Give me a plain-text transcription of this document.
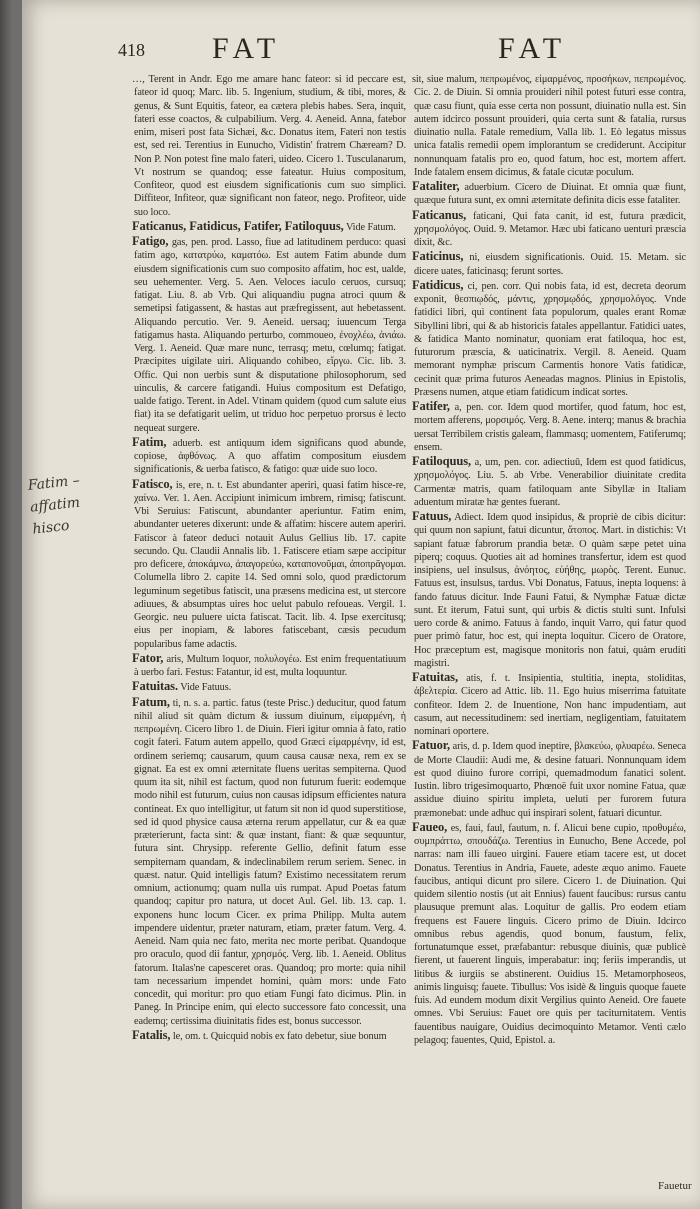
418 FAT	FAT
Fatim –
affatim
hisco

…, Terent in Andr. Ego me amare hanc fateor: si id peccare est, fateor id quoq; Marc. lib. 5. Ingenium, studium, & tibi, mores, & genus, & Sunt Equitis, fateor, ea cætera plebis habes. Sera, inquit, fateri esse coactos, & culpabilium. Verg. 4. Aeneid. Anna, fatebor enim, miseri post fata Sichæi, &c. Donatus item, Fateri non testis est, sed rei. Terentius in Eunucho, Vidistin' fratrem Chæream? D. Non P. Non potest fine malo fateri, uideo. Cicero 1. Tusculanarum, Vt nostrum se quandoq; esse fateatur. Huius compositum, Confiteor, quod est eiusdem significationis cum suo simplici. Diffiteor, Infiteor, quæ significant non fateor, nego. Profiteor, uide suo loco.

Faticanus, Fatidicus, Fatifer, Fatiloquus, Vide Fatum.

Fatigo, gas, pen. prod. Lasso, fiue ad latitudinem perduco: quasi fatim ago, κατατρύω, καματόω. Est autem Fatim abunde dum eiusdem significationis cum suo composito affatim, hoc est, ualde, seu uehementer. Verg. 5. Aen. Veloces iaculo ceruos, cursuq; fatigat. Liu. 8. ab Vrb. Qui aliquandiu pugna atroci quum & semetipsi fatigassent, & hastas aut præfregissent, aut hebetassent. Aliquando percutio. Ver. 9. Aeneid. uersaq; iuuencum Terga fatigamus hasta. Aliquando perturbo, commoueo, ἐνοχλέω, ἀνιάω. Verg. 1. Aeneid. Quæ mare nunc, terrasq; metu, cœlumq; fatigat. Præcipites uigilate uiri. Aliquando cohibeo, εἴργω. Cic. lib. 3. Offic. Qui non uerbis sunt & disputatione philosophorum, sed uinculis, & carcere fatigandi. Huius compositum est Defatigo, ualde fatigo. Terent. in Adel. Vtinam quidem (quod cum salute eius fiat) ita se defatigarit uelim, ut triduo hoc perpetuo prorsus è lecto nequeat surgere.

Fatim, aduerb. est antiquum idem significans quod abunde, copiose, ἀφθόνως. A quo affatim compositum eiusdem significationis, & uerba fatisco, & fatigo: quæ uide suo loco.

Fatisco, is, ere, n. t. Est abundanter aperiri, quasi fatim hisce-re, χαίνω. Ver. 1. Aen. Accipiunt inimicum imbrem, rimisq; fatiscunt. Vbi Seruius: Fatiscunt, abundanter aperiuntur. Fatim enim, abundanter ueteres dixerunt: unde & affatim: hiscere autem aperiri. Fatiscor à fateor deduci notauit Aulus Gellius lib. 17. capite secundo. Qu. Claudii Annalis lib. 1. Fatiscere etiam sæpe accipitur pro deficere, ἀποκάμνω, ἀπαγορεύω, καταπονοῦμαι, ἀποπρᾶγομαι. Columella libro 2. capite 14. Sed omni solo, quod prædictorum leguminum segetibus fatiscit, una præsens medicina est, ut stercore adiuues, & absumptas uires hoc uelut pabulo refoueas. Vergil. 1. Georgic. neu puluere uicta fatiscat. Tacit. lib. 4. Ipse exercitusq; eius per inopiam, & labores fatiscebant, cæsis pecudum popularibus fame adactis.

Fator, aris, Multum loquor, πολυλογέω. Est enim frequentatiuum à uerbo fari. Festus: Fatantur, id est, multa loquuntur.

Fatuitas. Vide Fatuus.

Fatum, ti, n. s. a. partic. fatus (teste Prisc.) deducitur, quod fatum nihil aliud sit quàm dictum & iussum diuinum, εἱμαρμένη, ἡ πεπρωμένη. Cicero libro 1. de Diuin. Fieri igitur omnia à fato, ratio cogit fateri. Fatum autem appello, quod Græci εἱμαρμένην, id est, ordinem seriemq; causarum, quum causa causæ nexa, rem ex se gignat. Ea est ex omni æternitate fluens ueritas sempiterna. Quod quum ita sit, nihil est factum, quod non futurum fuerit: eodemque modo nihil est futurum, cuius non causas idipsum efficientes natura contineat. Ex quo intelligitur, ut fatum sit non id quod superstitiose, sed id quod physice causa æterna rerum appellatur, cur & ea quæ præterierunt, facta sint: & quæ instant, fiant: & quæ sequuntur, futura sint. Chrysipp. referente Gellio, definit fatum esse sempiternam quandam, & indeclinabilem rerum seriem. Senec. in quæst. natur. Quid intelligis fatum? Existimo necessitatem rerum omnium, actionumq; quam nulla uis rumpat. Apud Poetas fatum quandoq; capitur pro natura, ut docet Aul. Gel. lib. 13. cap. 1. exponens hunc locum Cicer. ex prima Philipp. Multa autem impendere uidentur, præter naturam, etiam, præter fatum. Verg. 4. Aeneid. Nam quia nec fato, merita nec morte peribat. Quandoque pro oraculo, quod dii fantur, χρησμός. Verg. lib. 1. Aeneid. Oblitus fatorum. Italas'ne capesceret oras. Quandoq; pro morte: quia nihil tam necessarium impendet homini, quàm mors: unde Fato concedit, qui moritur: pro quo etiam Fungi fato dicimus. Plin. in Paneg. In Principe enim, qui electo successore fato concessit, una eademq; certissima diuinitatis fides est, bonus successor.

Fatalis, le, om. t. Quicquid nobis ex fato debetur, siue bonum

sit, siue malum, πεπρωμένος, εἱμαρμένος, προσήκων, πεπρωμένος. Cic. 2. de Diuin. Si omnia prouideri nihil potest futuri esse contra, quæ casu fiunt, quia esse certa non possunt, diuinatio nulla est. Sin autem idcirco possunt prouideri, quia certa sunt & fatalia, rursus diuinatio nulla. Fatale remedium, Valla lib. 1. Eò legatus missus unica fatalis remedii opem implorantum se crediderunt. Accipitur nonnunquam fatalis pro eo, quod fatum, hoc est, mortem affert. Inde fatalem ensem dicimus, & fatale cicutæ poculum.

Fataliter, aduerbium. Cicero de Diuinat. Et omnia quæ fiunt, quæque futura sunt, ex omni æternitate definita dicis esse fataliter.

Faticanus, faticani, Qui fata canit, id est, futura prædicit, χρησμολόγος. Ouid. 9. Metamor. Hæc ubi faticano uenturi præscia dixit, &c.

Faticinus, ni, eiusdem significationis. Ouid. 15. Metam. sic dicere uates, faticinasq; ferunt sortes.

Fatidicus, ci, pen. corr. Qui nobis fata, id est, decreta deorum exponit, θεσπιῳδός, μάντις, χρησμῳδός, χρησμολόγος. Vnde fatidici libri, qui continent fata populorum, quales erant Romæ Sibyllini libri, qui & ab historicis fatales appellantur. Fatidici uates, & fatidica Manto nominatur, quoniam erat fatiloqua, hoc est, futurorum præscia, & uaticinatrix. Vergil. 8. Aeneid. Quam memorant nymphæ priscum Carmentis honore Vatis fatidicæ, cecinit quæ prima futuros Aeneadas magnos. Plinius in Epistolis, Præsens numen, atque etiam fatidicum indicat sortes.

Fatifer, a, pen. cor. Idem quod mortifer, quod fatum, hoc est, mortem afferens, μορσιμός. Verg. 8. Aene. interq; manus & brachia uersat Terribilem cristis galeam, flammasq; uomentem, Fatiferumq; ensem.

Fatiloquus, a, um, pen. cor. adiectiuū, Idem est quod fatidicus, χρησμολόγος. Liu. 5. ab Vrbe. Venerabilior diuinitate credita Carmentæ matris, quam fatiloquam ante Sibyllæ in Italiam aduentum miratæ hæ gentes fuerant.

Fatuus, Adiect. Idem quod insipidus, & propriè de cibis dicitur: qui quum non sapiunt, fatui dicuntur, ἄτοπος. Mart. in distichis: Vt sapiant fatuæ fabrorum prandia betæ. O quàm sæpe petet uina piperq; coquus. Quoties ait ad homines transfertur, idem est quod insipiens, uel insulsus, ἀνόητος, εὐήθης, μωρὸς. Terent. Eunuc. Fatuus est, insulsus, tardus. Vbi Donatus, Fatuus, inepta loquens: à fando fatuus dicitur. Inde Fauni Fatui, & Nymphæ Fatuæ dictæ sunt. Et iterum, Fatui sunt, qui urbis & dictis stulti sunt. Infulsi uero corde & animo. Fatuus à fando, inquit Varro, qui fatur quod puer primò fatur, hoc est, qui inepta loquitur. Cicero de Oratore, Hoc præceptum est, magisque monitoris non fatui, quàm eruditi magistri.

Fatuitas, atis, f. t. Insipientia, stultitia, inepta, stoliditas, ἀβελτερία. Cicero ad Attic. lib. 11. Ego huius miserrima fatuitate confiteor. Idem 2. de Inuentione, Non hanc impudentiam, aut casum, aut necessitudinem: sed inertiam, negligentiam, fatuitatem nominari oportere.

Fatuor, aris, d. p. Idem quod ineptire, βλακεύω, φλυαρέω. Seneca de Morte Claudii: Audi me, & desine fatuari. Nonnunquam idem est quod diuino furore corripi, quemadmodum fanatici solent. Iustin. libro trigesimoquarto, Phœnoë fuit uxor nomine Fatua, quæ assidue diuino spiritu impleta, ueluti per furorem futura præmonebat: unde adhuc qui inspirari solent, fatuari dicuntur.

Faueo, es, faui, faul, fautum, n. f. Alicui bene cupio, προθυμέω, συμπράττω, σπουδάζω. Terentius in Eunucho, Bene Accede, pol narras: nam illi faueo uirgini. Fauere etiam tacere est, ut docet Donatus. Terentius in Andria, Fauete, adeste æquo animo. Fauete faucibus, antiqui dicunt pro silere. Cicero 1. de Diuination. Qui quidem silentio nostis (ut ait Ennius) fauent faucibus: rursus cantu plausuque premunt alas. Loquitur de gallis. Pro eodem etiam frequens est Fauere linguis. Cicero primo de Diuin. Idcirco omnibus rebus agendis, quod bonum, faustum, felix, fortunatumque esset, præfabantur: rebusque diuinis, quæ publicè fierent, ut fauerent linguis, imperabatur: inq; feriis imperandis, ut litibus & iurgiis se abstinerent. Ouidius 15. Metamorphoseos, animis linguisq; fauete. Tibullus: Vos isidè & linguis quoque fauete fuis. Ad eundem modum dixit Vergilius quinto Aeneid. Ore fauete omnes. Vbi Seruius: Fauet ore quis per taciturnitatem. Ventis fauentibus nauigare, Ouidius decimoquinto Metamor. Venti cælo pelagoq; fauentes, Quid, Epistol. a.

Fauetur
